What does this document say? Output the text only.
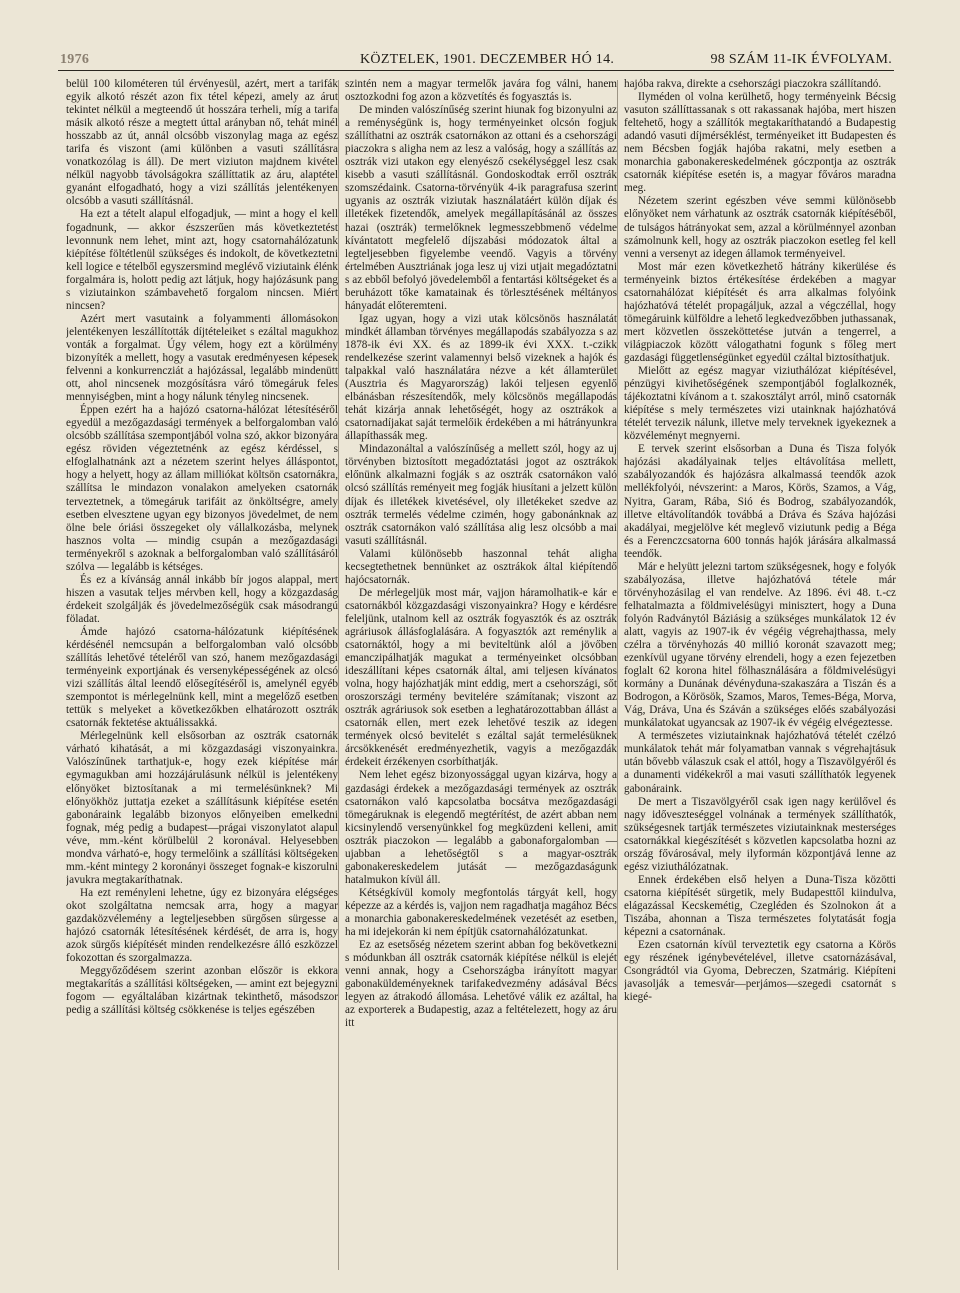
1976	KÖZTELEK, 1901. DECZEMBER HÓ 14.	98 SZÁM 11-IK ÉVFOLYAM.

belül 100 kilométeren túl érvényesül, azért, mert a tarifák egyik alkotó részét azon fix tétel képezi, amely az árut tekintet nélkül a megteendő út hosszára terheli, míg a tarifa másik alkotó része a megtett úttal arányban nő, tehát minél hosszabb az út, annál olcsóbb viszonylag maga az egész tarifa és viszont (ami különben a vasuti szállításra vonatkozólag is áll). De mert viziuton majdnem kivétel nélkül nagyobb távolságokra szállíttatik az áru, alaptétel gyanánt elfogadható, hogy a vizi szállítás jelentékenyen olcsóbb a vasuti szállításnál.

Ha ezt a tételt alapul elfogadjuk, — mint a hogy el kell fogadnunk, — akkor észszerűen más következtetést levonnunk nem lehet, mint azt, hogy csatornahálózatunk kiépítése föltétlenül szükséges és indokolt, de következtetni kell logice e tételből egyszersmind meglévő viziutaink élénk forgalmára is, holott pedig azt látjuk, hogy hajózásunk pang s viziutainkon számbavehető forgalom nincsen. Miért nincsen?

Azért mert vasutaink a folyammenti állomásokon jelentékenyen leszállították díjtételeiket s ezáltal magukhoz vonták a forgalmat. Úgy vélem, hogy ezt a körülmény bizonyíték a mellett, hogy a vasutak eredményesen képesek felvenni a konkurrencziát a hajózással, legalább mindenütt ott, ahol nincsenek mozgósításra váró tömegáruk feles mennyiségben, mint a hogy nálunk tényleg nincsenek.

Éppen ezért ha a hajózó csatorna-hálózat létesítéséről egyedül a mezőgazdasági termények a belforgalomban való olcsóbb szállítása szempontjából volna szó, akkor bizonyára egész röviden végeztetnénk az egész kérdéssel, s elfoglalhatnánk azt a nézetem szerint helyes álláspontot, hogy a helyett, hogy az állam milliókat költsön csatornákra, szállítsa le mindazon vonalakon amelyeken csatornák terveztetnek, a tömegáruk tarifáit az önköltségre, amely esetben elvesztene ugyan egy bizonyos jövedelmet, de nem ölne bele óriási összegeket oly vállalkozásba, melynek hasznos volta — mindig csupán a mezőgazdasági terményekről s azoknak a belforgalomban való szállításáról szólva — legalább is kétséges.

És ez a kívánság annál inkább bír jogos alappal, mert hiszen a vasutak teljes mérvben kell, hogy a közgazdaság érdekeit szolgálják és jövedelmezőségük csak másodrangú föladat.

Ámde hajózó csatorna-hálózatunk kiépítésének kérdésénél nemcsupán a belforgalomban való olcsóbb szállítás lehetővé tételéről van szó, hanem mezőgazdasági terményeink exportjának és versenyképességének az olcsó vizi szállítás által leendő elősegítéséről is, amelynél egyéb szempontot is mérlegelnünk kell, mint a megelőző esetben tettük s melyeket a következőkben elhatározott osztrák csatornák fektetése aktuálissakká.

Mérlegelnünk kell elsősorban az osztrák csatornák várható kihatását, a mi közgazdasági viszonyainkra. Valószínűnek tarthatjuk-e, hogy ezek kiépítése már egymagukban ami hozzájárulásunk nélkül is jelentékeny előnyöket biztosítanak a mi termelésünknek? Mi előnyökhöz juttatja ezeket a szállításunk kiépítése esetén gabonáraink legalább bizonyos előnyeiben emelkedni fognak, még pedig a budapest—prágai viszonylatot alapul véve, mm.-ként körülbelül 2 koronával. Helyesebben mondva várható-e, hogy termelőink a szállítási költségeken mm.-ként mintegy 2 koronányi összeget fognak-e kiszorulni javukra megtakaríthatnak.

Ha ezt reményleni lehetne, úgy ez bizonyára elégséges okot szolgáltatna nemcsak arra, hogy a magyar gazdaközvélemény a legteljesebben sürgősen sürgesse a hajózó csatornák létesítésének kérdését, de arra is, hogy azok sürgős kiépítését minden rendelkezésre álló eszközzel fokozottan és szorgalmazza.

Meggyőződésem szerint azonban először is ekkora megtakarítás a szállítási költségeken, — amint ezt bejegyzni fogom — egyáltalában kizártnak tekinthető, másodszor pedig a szállítási költség csökkenése is teljes egészében

szintén nem a magyar termelők javára fog válni, hanem osztozkodni fog azon a közvetítés és fogyasztás is.

De minden valószínűség szerint hiunak fog bizonyulni az a reménységünk is, hogy terményeinket olcsón fogjuk szállíthatni az osztrák csatornákon az ottani és a csehországi piaczokra s aligha nem az lesz a valóság, hogy a szállítás az osztrák vizi utakon egy elenyésző csekélységgel lesz csak kisebb a vasuti szállításnál. Gondoskodtak erről osztrák szomszédaink. Csatorna-törvényük 4-ik paragrafusa szerint ugyanis az osztrák viziutak használatáért külön díjak és illetékek fizetendők, amelyek megállapításánál az összes hazai (osztrák) termelőknek legmesszebbmenő védelme kívántatott megfelelő díjszabási módozatok által a legteljesebben figyelembe veendő. Vagyis a törvény értelmében Ausztriának joga lesz uj vizi utjait megadóztatni s az ebből befolyó jövedelemből a fentartási költségeket és a beruházott tőke kamatainak és törlesztésének méltányos hányadát előteremteni.

Igaz ugyan, hogy a vizi utak kölcsönös használatát mindkét államban törvényes megállapodás szabályozza s az 1878-ik évi XX. és az 1899-ik évi XXX. t.-czikk rendelkezése szerint valamennyi belső vizeknek a hajók és talpakkal való használatára nézve a két államterület (Ausztria és Magyarország) lakói teljesen egyenlő elbánásban részesítendők, mely kölcsönös megállapodás tehát kizárja annak lehetőségét, hogy az osztrákok a csatornadíjakat saját termelőik érdekében a mi hátrányunkra állapíthassák meg.

Mindazonáltal a valószínűség a mellett szól, hogy az uj törvényben biztosított megadóztatási jogot az osztrákok előnünk alkalmazni fogják s az osztrák csatornákon való olcsó szállítás reményeit meg fogják hiusítani a jelzett külön díjak és illetékek kivetésével, oly illetékeket szedve az osztrák termelés védelme czimén, hogy gabonánknak az osztrák csatornákon való szállítása alig lesz olcsóbb a mai vasuti szállításnál.

Valami különösebb haszonnal tehát aligha kecsegtethetnek bennünket az osztrákok által kiépítendő hajócsatornák.

De mérlegeljük most már, vajjon háramolhatik-e kár e csatornákból közgazdasági viszonyainkra? Hogy e kérdésre feleljünk, utalnom kell az osztrák fogyasztók és az osztrák agráriusok állásfoglalására. A fogyasztók azt reménylik a csatornáktól, hogy a mi beviteltünk alól a jövőben emanczipálhatják magukat a terményeinket olcsóbban ideszállítani képes csatornák által, ami teljesen kívánatos volna, hogy hajózhatják mint eddig, mert a csehországi, sőt oroszországi termény bevitelére számítanak; viszont az osztrák agráriusok sok esetben a leghatározottabban állást a csatornák ellen, mert ezek lehetővé teszik az idegen termények olcsó bevitelét s ezáltal saját termelésüknek árcsökkenését eredményezhetik, vagyis a mezőgazdák érdekeit érzékenyen csorbíthatják.

Nem lehet egész bizonyossággal ugyan kizárva, hogy a gazdasági érdekek a mezőgazdasági termények az osztrák csatornákon való kapcsolatba bocsátva mezőgazdasági tömegáruknak is elegendő megtérítést, de azért abban nem kicsinylendő versenyünkkel fog megküzdeni kelleni, amit osztrák piaczokon — legalább a gabonaforgalomban — ujabban a lehetőségtől s a magyar-osztrák gabonakereskedelem jutását — mezőgazdaságunk hatalmukon kívül áll.

Kétségkívül komoly megfontolás tárgyát kell, hogy képezze az a kérdés is, vajjon nem ragadhatja magához Bécs a monarchia gabonakereskedelmének vezetését az esetben, ha mi idejekorán ki nem építjük csatornahálózatunkat.

Ez az esetsőség nézetem szerint abban fog bekövetkezni s módunkban áll osztrák csatornák kiépítése nélkül is elejét venni annak, hogy a Csehországba irányított magyar gabonaküldeményeknek tarifakedvezmény adásával Bécs legyen az átrakodó állomása. Lehetővé válik ez azáltal, ha az exporterek a Budapestig, azaz a feltételezett, hogy az áru itt

hajóba rakva, direkte a csehországi piaczokra szállítandó.

Ilyméden ol volna kerülhető, hogy terményeink Bécsig vasuton szállíttassanak s ott rakassanak hajóba, mert hiszen feltehető, hogy a szállítók megtakaríthatandó a Budapestig adandó vasuti díjmérséklést, terményeiket itt Budapesten és nem Bécsben fogják hajóba rakatni, mely esetben a monarchia gabonakereskedelmének góczpontja az osztrák csatornák kiépítése esetén is, a magyar főváros maradna meg.

Nézetem szerint egészben véve semmi különösebb előnyöket nem várhatunk az osztrák csatornák kiépítéséből, de tulságos hátrányokat sem, azzal a körülménnyel azonban számolnunk kell, hogy az osztrák piaczokon esetleg fel kell venni a versenyt az idegen államok terményeivel.

Most már ezen következhető hátrány kikerülése és terményeink biztos értékesítése érdekében a magyar csatornahálózat kiépítését és arra alkalmas folyóink hajózhatóvá tételét propagáljuk, azzal a végczéllal, hogy tömegáruink külföldre a lehető legkedvezőbben juthassanak, mert közvetlen összeköttetése jutván a tengerrel, a világpiaczok között válogathatni fogunk s főleg mert gazdasági függetlenségünket egyedül czáltal biztosíthatjuk.

Mielőtt az egész magyar viziuthálózat kiépítésével, pénzügyi kivihetőségének szempontjából foglalkoznék, tájékoztatni kívánom a t. szakosztályt arról, minő csatornák kiépítése s mely természetes vizi utainknak hajózhatóvá tételét tervezik nálunk, illetve mely terveknek igyekeznek a közvéleményt megnyerni.

E tervek szerint elsősorban a Duna és Tisza folyók hajózási akadályainak teljes eltávolítása mellett, szabályozandók és hajózásra alkalmassá teendők azok mellékfolyói, névszerint: a Maros, Körös, Szamos, a Vág, Nyitra, Garam, Rába, Sió és Bodrog, szabályozandók, illetve eltávolítandók továbbá a Dráva és Száva hajózási akadályai, megjelölve két meglevő viziutunk pedig a Béga és a Ferenczcsatorna 600 tonnás hajók járására alkalmassá teendők.

Már e helyütt jelezni tartom szükségesnek, hogy e folyók szabályozása, illetve hajózhatóvá tétele már törvényhozásilag el van rendelve. Az 1896. évi 48. t.-cz felhatalmazta a földmivelésügyi minisztert, hogy a Duna folyón Radványtól Báziásig a szükséges munkálatok 12 év alatt, vagyis az 1907-ik év végéig végrehajthassa, mely czélra a törvényhozás 40 millió koronát szavazott meg; ezenkívül ugyane törvény elrendeli, hogy a ezen fejezetben foglalt 62 korona hitel fölhasználására a földmivelésügyi kormány a Dunának dévényduna-szakaszára a Tiszán és a Bodrogon, a Körösök, Szamos, Maros, Temes-Béga, Morva, Vág, Dráva, Una és Száván a szükséges előés szabályozási munkálatokat ugyancsak az 1907-ik év végéig elvégeztesse.

A természetes viziutainknak hajózhatóvá tételét czélzó munkálatok tehát már folyamatban vannak s végrehajtásuk után bővebb válaszuk csak el attól, hogy a Tiszavölgyéről és a dunamenti vidékekről a mai vasuti szállíthatók legyenek gabonáraink.

De mert a Tiszavölgyéről csak igen nagy kerülővel és nagy időveszteséggel volnának a termények szállíthatók, szükségesnek tartják természetes viziutainknak mesterséges csatornákkal kiegészítését s közvetlen kapcsolatba hozni az ország fővárosával, mely ilyformán központjává lenne az egész viziuthálózatnak.

Ennek érdekében első helyen a Duna-Tisza közötti csatorna kiépítését sürgetik, mely Budapesttől kiindulva, elágazással Kecskemétig, Czegléden és Szolnokon át a Tiszába, ahonnan a Tisza természetes folytatását fogja képezni a csatornának.

Ezen csatornán kívül terveztetik egy csatorna a Körös egy részének igénybevételével, illetve csatornázásával, Csongrádtól via Gyoma, Debreczen, Szatmárig. Kiépíteni javasolják a temesvár—perjámos—szegedi csatornát s kiegé-
